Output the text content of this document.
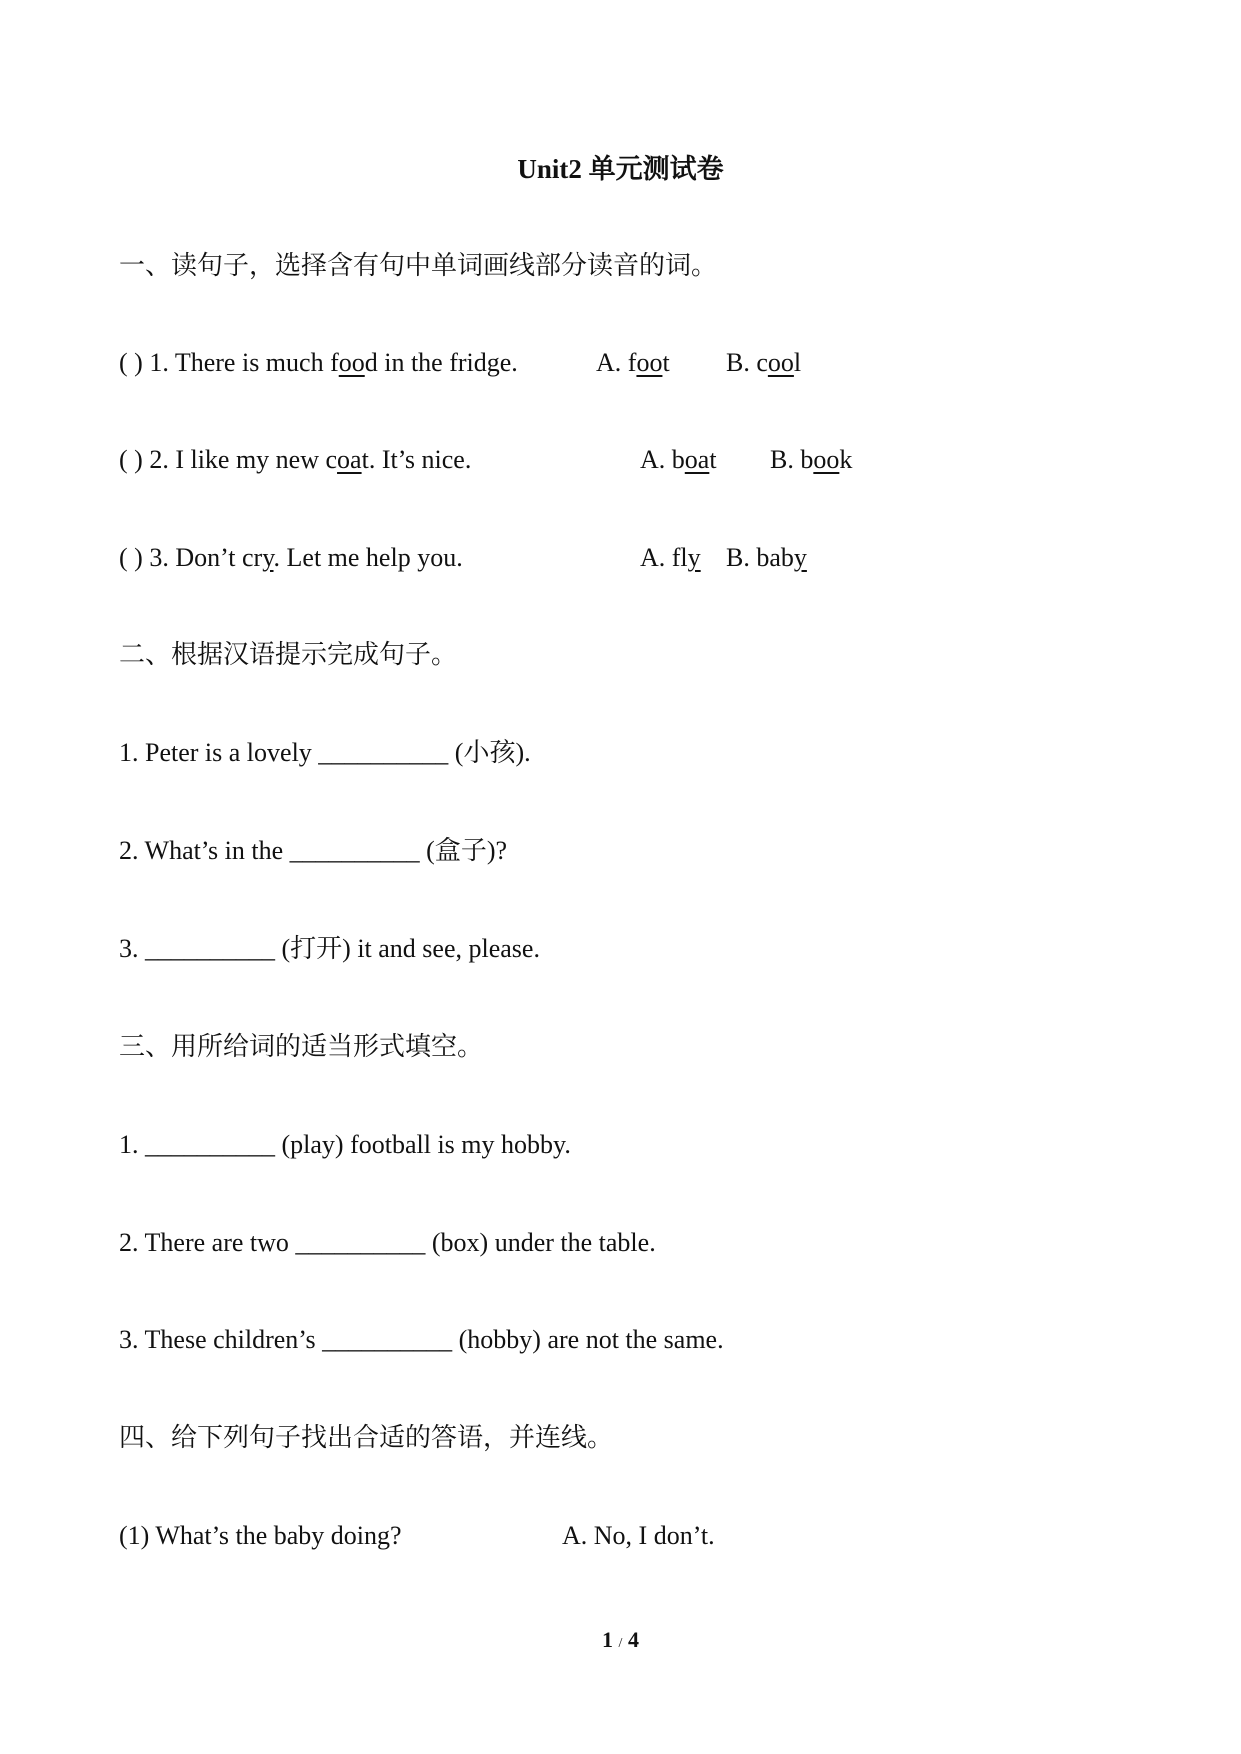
Unit2 单元测试卷
一、读句子，选择含有句中单词画线部分读音的词。
( ) 1. There is much food in the fridge.	A. foot B. cool
( ) 2. I like my new coat. It’s nice.	A. boat B. book
( ) 3. Don’t cry. Let me help you.	A. fly B. baby
二、根据汉语提示完成句子。
1. Peter is a lovely __________ (小孩).
2. What’s in the __________ (盒子)?
3. __________ (打开) it and see, please.
三、用所给词的适当形式填空。
1. __________ (play) football is my hobby.
2. There are two __________ (box) under the table.
3. These children’s __________ (hobby) are not the same.
四、给下列句子找出合适的答语，并连线。
(1) What’s the baby doing?	A. No, I don’t.
1 / 4
